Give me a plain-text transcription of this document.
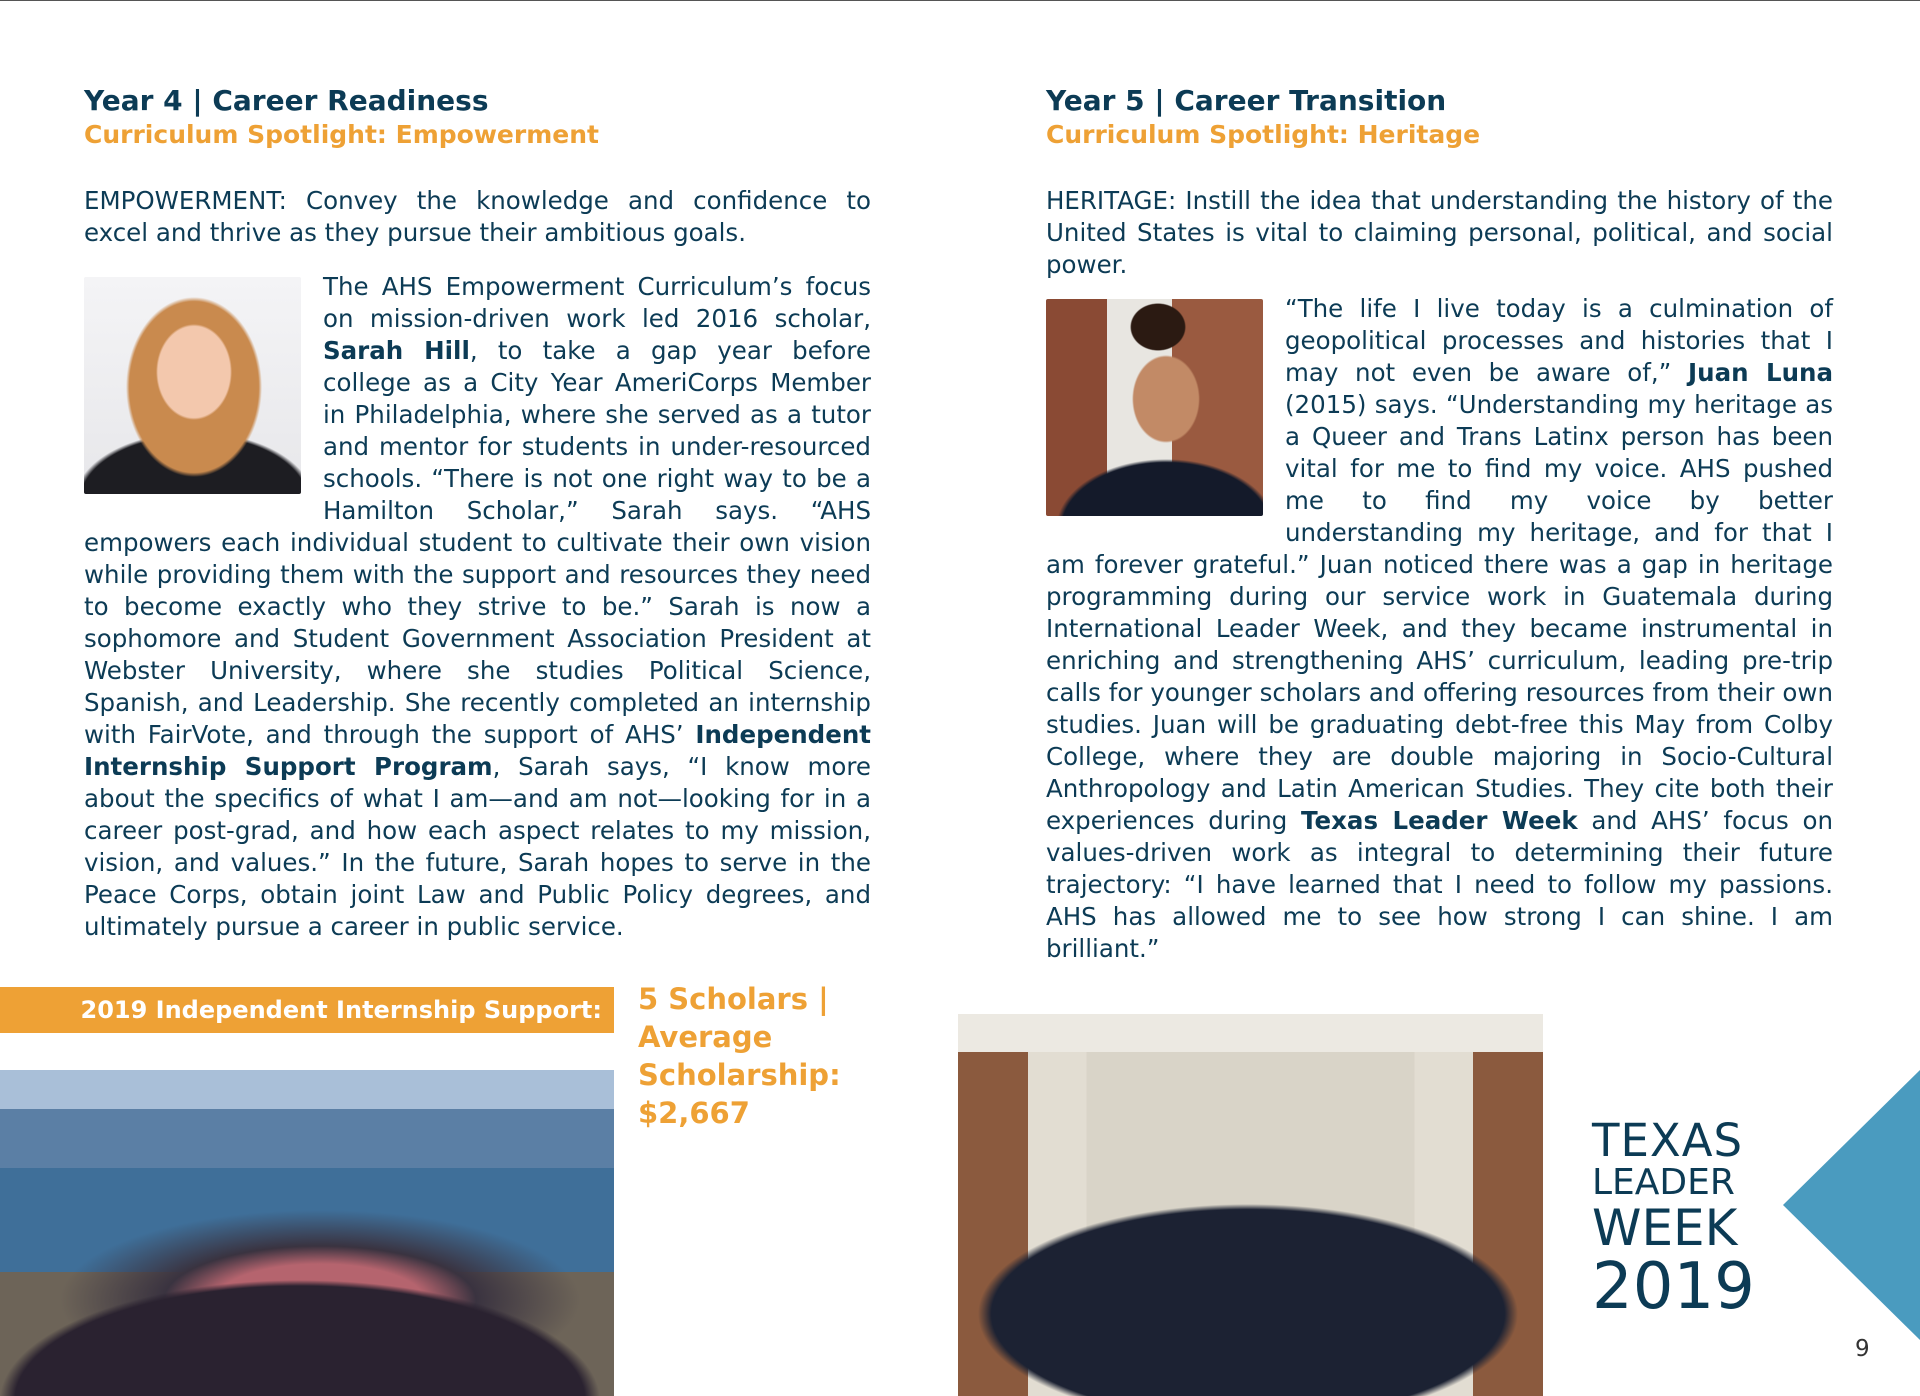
Year 4 | Career Readiness
Curriculum Spotlight: Empowerment

EMPOWERMENT: Convey the knowledge and confidence to excel and thrive as they pursue their ambitious goals.

The AHS Empowerment Curriculum’s focus on mission-driven work led 2016 scholar, Sarah Hill, to take a gap year before college as a City Year AmeriCorps Member in Philadelphia, where she served as a tutor and mentor for students in under-resourced schools. “There is not one right way to be a Hamilton Scholar,” Sarah says. “AHS empowers each individual student to cultivate their own vision while providing them with the support and resources they need to become exactly who they strive to be.” Sarah is now a sophomore and Student Government Association President at Webster University, where she studies Political Science, Spanish, and Leadership. She recently completed an internship with FairVote, and through the support of AHS’ Independent Internship Support Program, Sarah says, “I know more about the specifics of what I am—and am not—looking for in a career post-grad, and how each aspect relates to my mission, vision, and values.” In the future, Sarah hopes to serve in the Peace Corps, obtain joint Law and Public Policy degrees, and ultimately pursue a career in public service.
Year 5 | Career Transition
Curriculum Spotlight: Heritage

HERITAGE: Instill the idea that understanding the history of the United States is vital to claiming personal, political, and social power.

“The life I live today is a culmination of geopolitical processes and histories that I may not even be aware of,” Juan Luna (2015) says. “Understanding my heritage as a Queer and Trans Latinx person has been vital for me to find my voice. AHS pushed me to find my voice by better understanding my heritage, and for that I am forever grateful.” Juan noticed there was a gap in heritage programming during our service work in Guatemala during International Leader Week, and they became instrumental in enriching and strengthening AHS’ curriculum, leading pre-trip calls for younger scholars and offering resources from their own studies. Juan will be graduating debt-free this May from Colby College, where they are double majoring in Socio-Cultural Anthropology and Latin American Studies. They cite both their experiences during Texas Leader Week and AHS’ focus on values-driven work as integral to determining their future trajectory: “I have learned that I need to follow my passions. AHS has allowed me to see how strong I can shine. I am brilliant.”
2019 Independent Internship Support:	5 Scholars | Average Scholarship: $2,667
TEXAS
LEADER
WEEK
2019
9
